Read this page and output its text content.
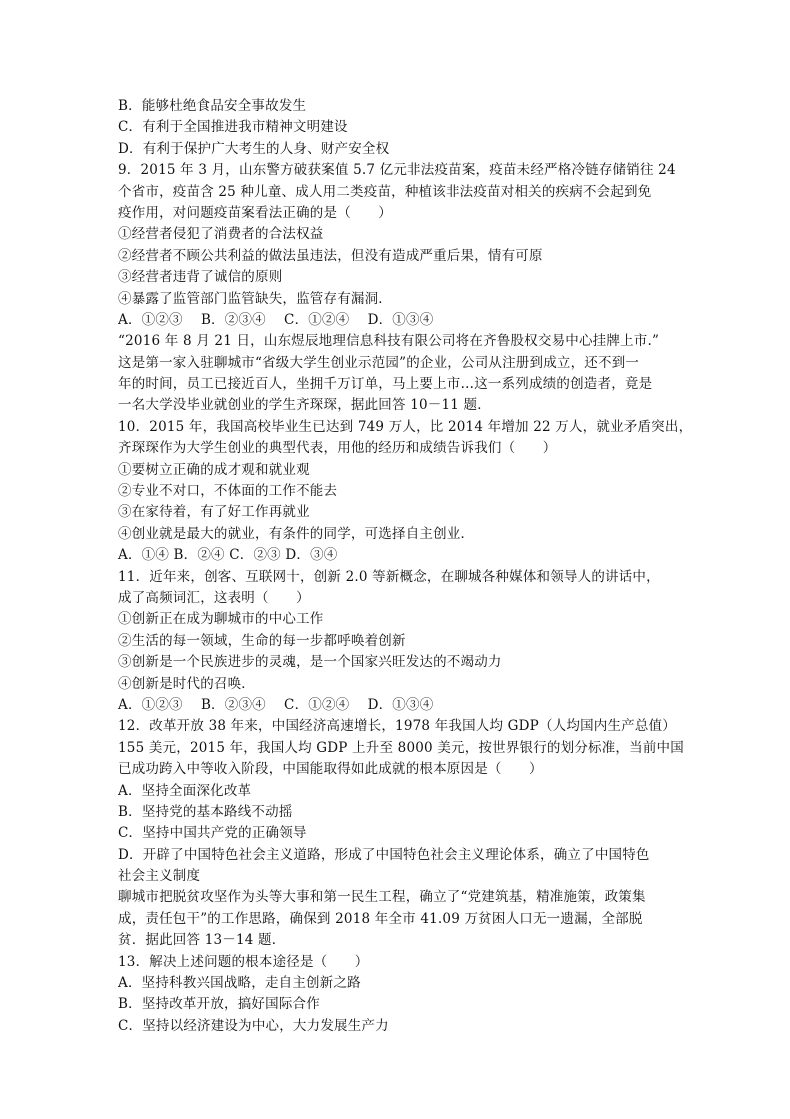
B．能够杜绝食品安全事故发生
C．有利于全国推进我市精神文明建设
D．有利于保护广大考生的人身、财产安全权
9．2015 年 3 月，山东警方破获案值 5.7 亿元非法疫苗案，疫苗未经严格冷链存储销往 24
个省市，疫苗含 25 种儿童、成人用二类疫苗，种植该非法疫苗对相关的疾病不会起到免
疫作用，对问题疫苗案看法正确的是（　　）
①经营者侵犯了消费者的合法权益
②经营者不顾公共利益的做法虽违法，但没有造成严重后果，情有可原
③经营者违背了诚信的原则
④暴露了监管部门监管缺失，监管存有漏洞．
A．①②③　 B．②③④　 C．①②④　 D．①③④
“2016 年 8 月 21 日，山东煜辰地理信息科技有限公司将在齐鲁股权交易中心挂牌上市.”
这是第一家入驻聊城市“省级大学生创业示范园”的企业，公司从注册到成立，还不到一
年的时间，员工已接近百人，坐拥千万订单，马上要上市…这一系列成绩的创造者，竟是
一名大学没毕业就创业的学生齐琛琛，据此回答 10－11 题．
10．2015 年，我国高校毕业生已达到 749 万人，比 2014 年增加 22 万人，就业矛盾突出，
齐琛琛作为大学生创业的典型代表，用他的经历和成绩告诉我们（　　）
①要树立正确的成才观和就业观
②专业不对口，不体面的工作不能去
③在家待着，有了好工作再就业
④创业就是最大的就业，有条件的同学，可选择自主创业．
A．①④ B．②④ C．②③ D．③④
11．近年来，创客、互联网十，创新 2.0 等新概念，在聊城各种媒体和领导人的讲话中，
成了高频词汇，这表明（　　）
①创新正在成为聊城市的中心工作
②生活的每一领域，生命的每一步都呼唤着创新
③创新是一个民族进步的灵魂，是一个国家兴旺发达的不竭动力
④创新是时代的召唤．
A．①②③　 B．②③④　 C．①②④　 D．①③④
12．改革开放 38 年来，中国经济高速增长，1978 年我国人均 GDP（人均国内生产总值）
155 美元，2015 年，我国人均 GDP 上升至 8000 美元，按世界银行的划分标准，当前中国
已成功跨入中等收入阶段，中国能取得如此成就的根本原因是（　　）
A．坚持全面深化改革
B．坚持党的基本路线不动摇
C．坚持中国共产党的正确领导
D．开辟了中国特色社会主义道路，形成了中国特色社会主义理论体系，确立了中国特色
社会主义制度
聊城市把脱贫攻坚作为头等大事和第一民生工程，确立了“党建筑基，精准施策，政策集
成，责任包干”的工作思路，确保到 2018 年全市 41.09 万贫困人口无一遗漏，全部脱
贫．据此回答 13－14 题．
13．解决上述问题的根本途径是（　　）
A．坚持科教兴国战略，走自主创新之路
B．坚持改革开放，搞好国际合作
C．坚持以经济建设为中心，大力发展生产力
